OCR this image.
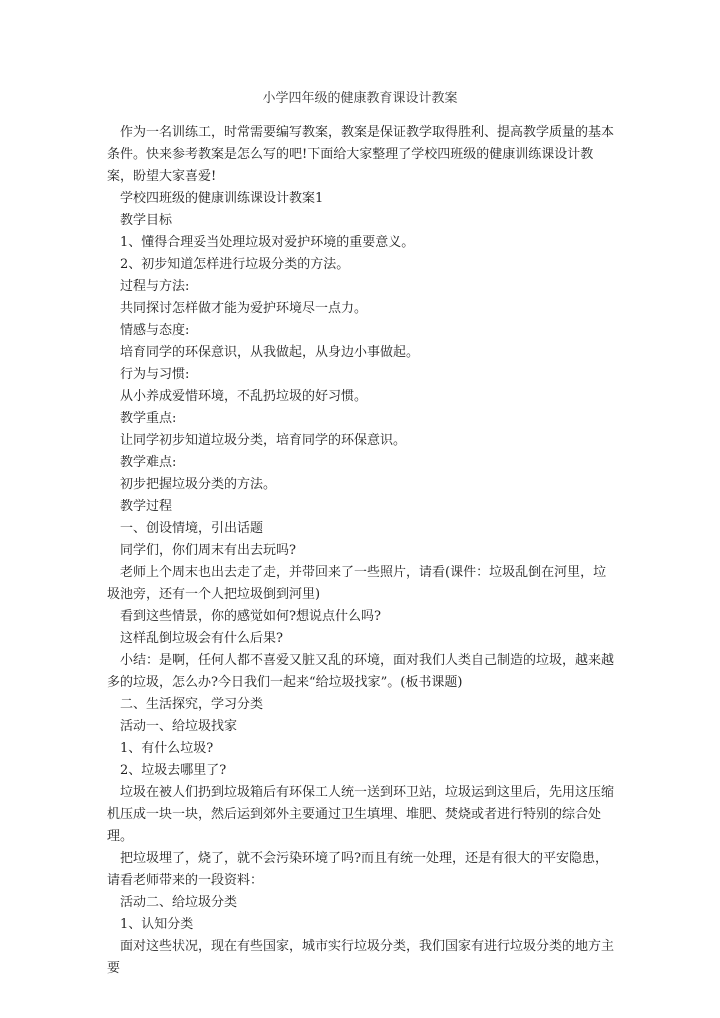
小学四年级的健康教育课设计教案

作为一名训练工，时常需要编写教案，教案是保证教学取得胜利、提高教学质量的基本条件。快来参考教案是怎么写的吧!下面给大家整理了学校四班级的健康训练课设计教案，盼望大家喜爱!

学校四班级的健康训练课设计教案1

教学目标

1、懂得合理妥当处理垃圾对爱护环境的重要意义。

2、初步知道怎样进行垃圾分类的方法。

过程与方法:

共同探讨怎样做才能为爱护环境尽一点力。

情感与态度:

培育同学的环保意识，从我做起，从身边小事做起。

行为与习惯:

从小养成爱惜环境，不乱扔垃圾的好习惯。

教学重点:

让同学初步知道垃圾分类，培育同学的环保意识。

教学难点:

初步把握垃圾分类的方法。

教学过程

一、创设情境，引出话题

同学们，你们周末有出去玩吗?

老师上个周末也出去走了走，并带回来了一些照片，请看(课件：垃圾乱倒在河里，垃圾池旁，还有一个人把垃圾倒到河里)

看到这些情景，你的感觉如何?想说点什么吗?

这样乱倒垃圾会有什么后果?

小结：是啊，任何人都不喜爱又脏又乱的环境，面对我们人类自己制造的垃圾，越来越多的垃圾，怎么办?今日我们一起来“给垃圾找家”。(板书课题)

二、生活探究，学习分类

活动一、给垃圾找家

1、有什么垃圾?

2、垃圾去哪里了?

垃圾在被人们扔到垃圾箱后有环保工人统一送到环卫站，垃圾运到这里后，先用这压缩机压成一块一块，然后运到郊外主要通过卫生填埋、堆肥、焚烧或者进行特别的综合处理。

把垃圾埋了，烧了，就不会污染环境了吗?而且有统一处理，还是有很大的平安隐患，请看老师带来的一段资料：

活动二、给垃圾分类

1、认知分类

面对这些状况，现在有些国家，城市实行垃圾分类，我们国家有进行垃圾分类的地方主要
